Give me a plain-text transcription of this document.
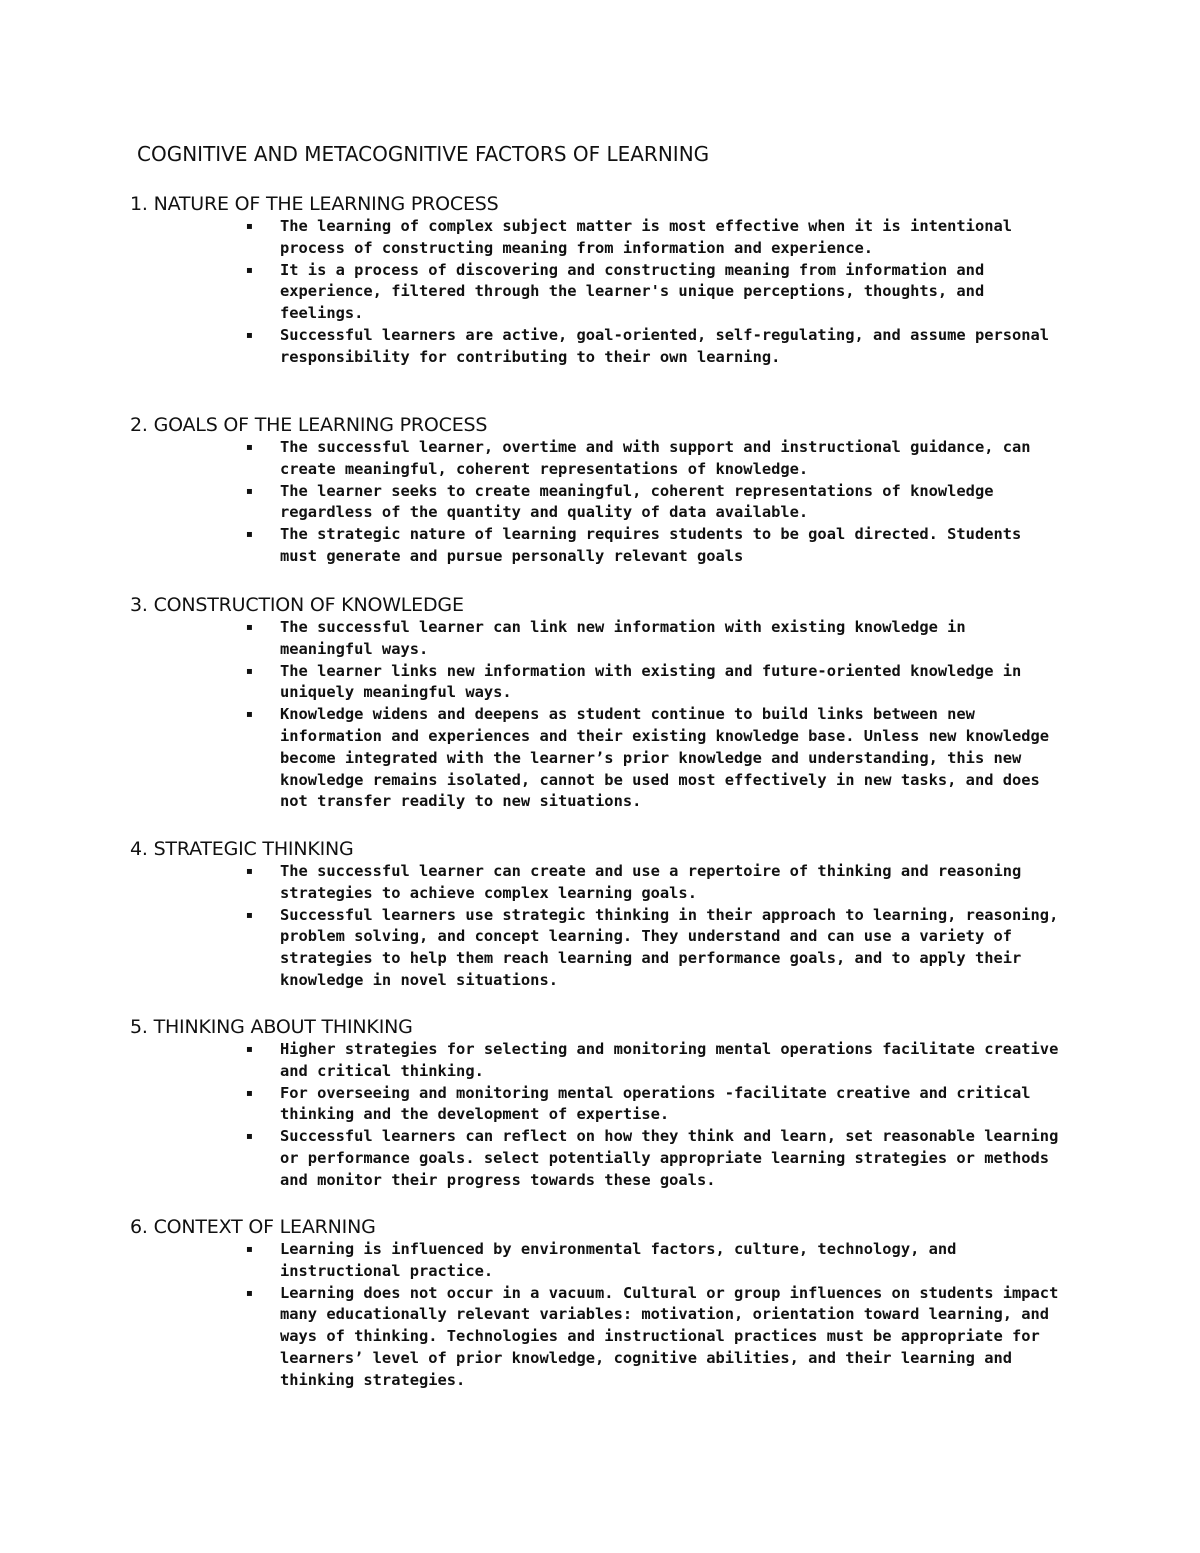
COGNITIVE AND METACOGNITIVE FACTORS OF LEARNING
1. NATURE OF THE LEARNING PROCESS
▪ The learning of complex subject matter is most effective when it is intentional process of constructing meaning from information and experience.
▪ It is a process of discovering and constructing meaning from information and experience, filtered through the learner's unique perceptions, thoughts, and feelings.
▪ Successful learners are active, goal-oriented, self-regulating, and assume personal responsibility for contributing to their own learning.
2. GOALS OF THE LEARNING PROCESS
▪ The successful learner, overtime and with support and instructional guidance, can create meaningful, coherent representations of knowledge.
▪ The learner seeks to create meaningful, coherent representations of knowledge regardless of the quantity and quality of data available.
▪ The strategic nature of learning requires students to be goal directed. Students must generate and pursue personally relevant goals
3. CONSTRUCTION OF KNOWLEDGE
▪ The successful learner can link new information with existing knowledge in meaningful ways.
▪ The learner links new information with existing and future-oriented knowledge in uniquely meaningful ways.
▪ Knowledge widens and deepens as student continue to build links between new information and experiences and their existing knowledge base. Unless new knowledge become integrated with the learner’s prior knowledge and understanding, this new knowledge remains isolated, cannot be used most effectively in new tasks, and does not transfer readily to new situations.
4. STRATEGIC THINKING
▪ The successful learner can create and use a repertoire of thinking and reasoning strategies to achieve complex learning goals.
▪ Successful learners use strategic thinking in their approach to learning, reasoning, problem solving, and concept learning. They understand and can use a variety of strategies to help them reach learning and performance goals, and to apply their knowledge in novel situations.
5. THINKING ABOUT THINKING
▪ Higher strategies for selecting and monitoring mental operations facilitate creative and critical thinking.
▪ For overseeing and monitoring mental operations -facilitate creative and critical thinking and the development of expertise.
▪ Successful learners can reflect on how they think and learn, set reasonable learning or performance goals. select potentially appropriate learning strategies or methods and monitor their progress towards these goals.
6. CONTEXT OF LEARNING
▪ Learning is influenced by environmental factors, culture, technology, and instructional practice.
▪ Learning does not occur in a vacuum. Cultural or group influences on students impact many educationally relevant variables: motivation, orientation toward learning, and ways of thinking. Technologies and instructional practices must be appropriate for learners’ level of prior knowledge, cognitive abilities, and their learning and thinking strategies.
